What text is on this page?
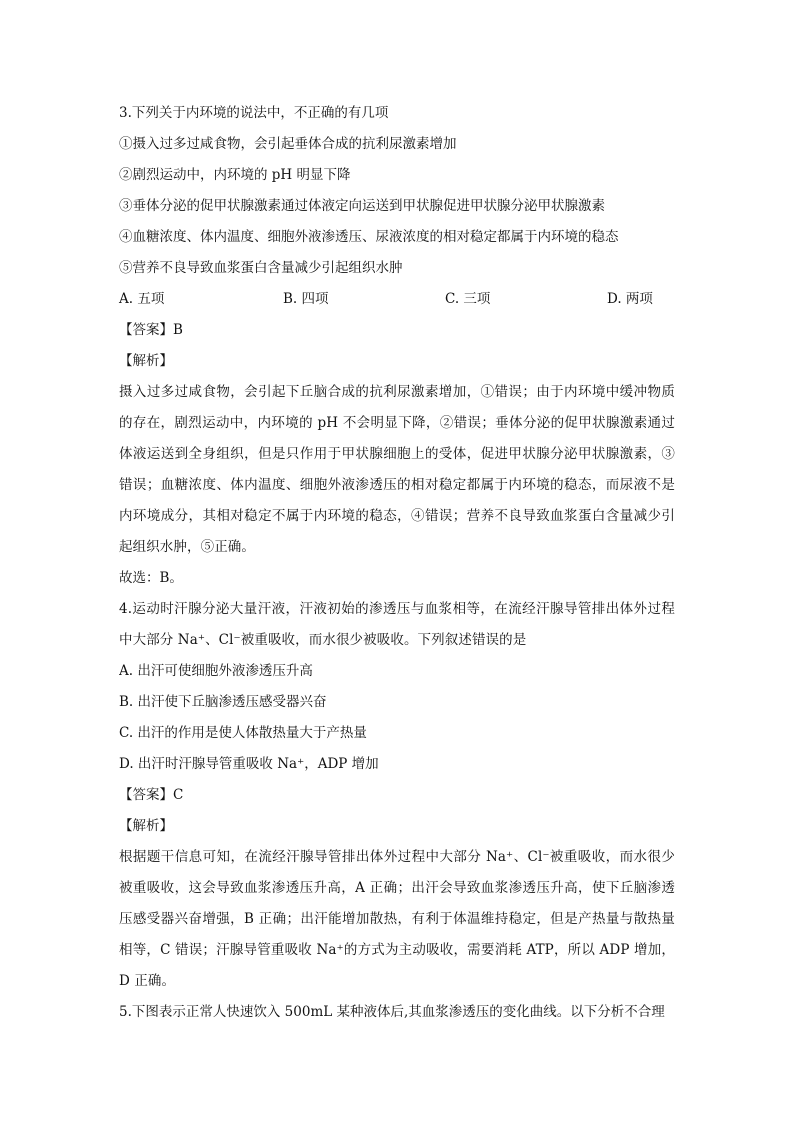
3.下列关于内环境的说法中，不正确的有几项
①摄入过多过咸食物，会引起垂体合成的抗利尿激素增加
②剧烈运动中，内环境的 pH 明显下降
③垂体分泌的促甲状腺激素通过体液定向运送到甲状腺促进甲状腺分泌甲状腺激素
④血糖浓度、体内温度、细胞外液渗透压、尿液浓度的相对稳定都属于内环境的稳态
⑤营养不良导致血浆蛋白含量减少引起组织水肿
A. 五项	B. 四项	C. 三项	D. 两项
【答案】B
【解析】

摄入过多过咸食物，会引起下丘脑合成的抗利尿激素增加，①错误；由于内环境中缓冲物质的存在，剧烈运动中，内环境的 pH 不会明显下降，②错误；垂体分泌的促甲状腺激素通过体液运送到全身组织，但是只作用于甲状腺细胞上的受体，促进甲状腺分泌甲状腺激素，③错误；血糖浓度、体内温度、细胞外液渗透压的相对稳定都属于内环境的稳态，而尿液不是内环境成分，其相对稳定不属于内环境的稳态，④错误；营养不良导致血浆蛋白含量减少引起组织水肿，⑤正确。

故选：B。

4.运动时汗腺分泌大量汗液，汗液初始的渗透压与血浆相等，在流经汗腺导管排出体外过程中大部分 Na⁺、Cl⁻被重吸收，而水很少被吸收。下列叙述错误的是

A. 出汗可使细胞外液渗透压升高
B. 出汗使下丘脑渗透压感受器兴奋
C. 出汗的作用是使人体散热量大于产热量
D. 出汗时汗腺导管重吸收 Na⁺，ADP 增加
【答案】C
【解析】

根据题干信息可知，在流经汗腺导管排出体外过程中大部分 Na⁺、Cl⁻被重吸收，而水很少被重吸收，这会导致血浆渗透压升高，A 正确；出汗会导致血浆渗透压升高，使下丘脑渗透压感受器兴奋增强，B 正确；出汗能增加散热，有利于体温维持稳定，但是产热量与散热量相等，C 错误；汗腺导管重吸收 Na⁺的方式为主动吸收，需要消耗 ATP，所以 ADP 增加，D 正确。

5.下图表示正常人快速饮入 500mL 某种液体后,其血浆渗透压的变化曲线。以下分析不合理
